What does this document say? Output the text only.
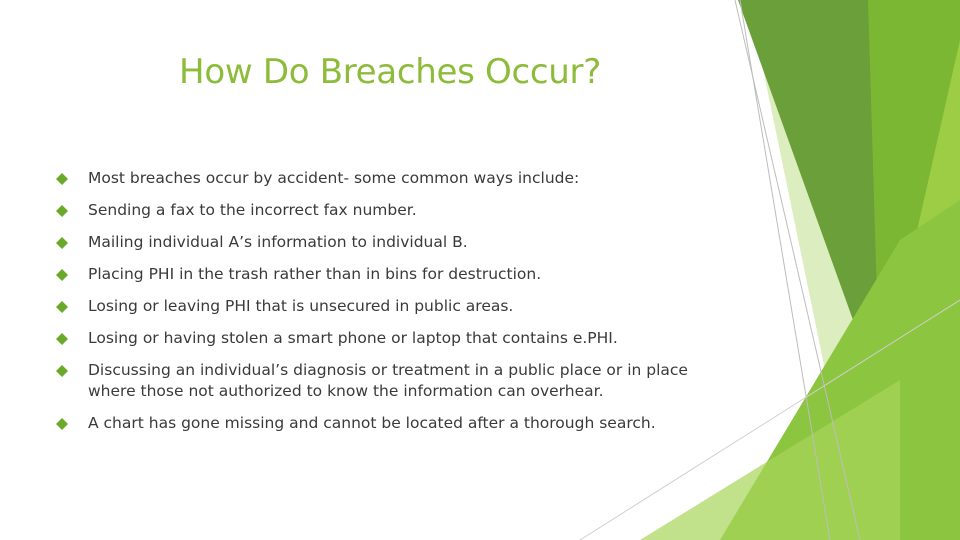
How Do Breaches Occur?
Most breaches occur by accident- some common ways include:
Sending a fax to the incorrect fax number.
Mailing individual A’s information to individual B.
Placing PHI in the trash rather than in bins for destruction.
Losing or leaving PHI that is unsecured in public areas.
Losing or having stolen a smart phone or laptop that contains e.PHI.
Discussing an individual’s diagnosis or treatment in a public place or in place where those not authorized to know the information can overhear.
A chart has gone missing and cannot be located after a thorough search.
